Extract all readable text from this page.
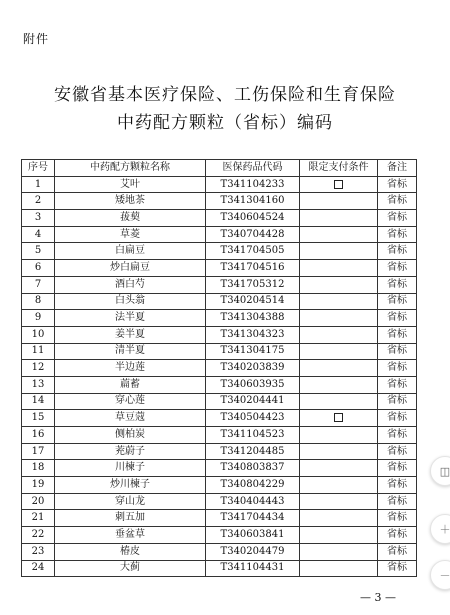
附件
安徽省基本医疗保险、工伤保险和生育保险
中药配方颗粒（省标）编码
序号	中药配方颗粒名称	医保药品代码	限定支付条件	备注
1	艾叶	T341104233		省标
2	矮地茶	T341304160		省标
3	菝葜	T340604524		省标
4	草菱	T340704428		省标
5	白扁豆	T341704505		省标
6	炒白扁豆	T341704516		省标
7	酒白芍	T341705312		省标
8	白头翁	T340204514		省标
9	法半夏	T341304388		省标
10	姜半夏	T341304323		省标
11	清半夏	T341304175		省标
12	半边莲	T340203839		省标
13	萹蓄	T340603935		省标
14	穿心莲	T340204441		省标
15	草豆蔻	T340504423		省标
16	侧柏炭	T341104523		省标
17	茺蔚子	T341204485		省标
18	川楝子	T340803837		省标
19	炒川楝子	T340804229		省标
20	穿山龙	T340404443		省标
21	刺五加	T341704434		省标
22	垂盆草	T340603841		省标
23	椿皮	T340204479		省标
24	大蓟	T341104431		省标
— 3 —
◫
＋
－
